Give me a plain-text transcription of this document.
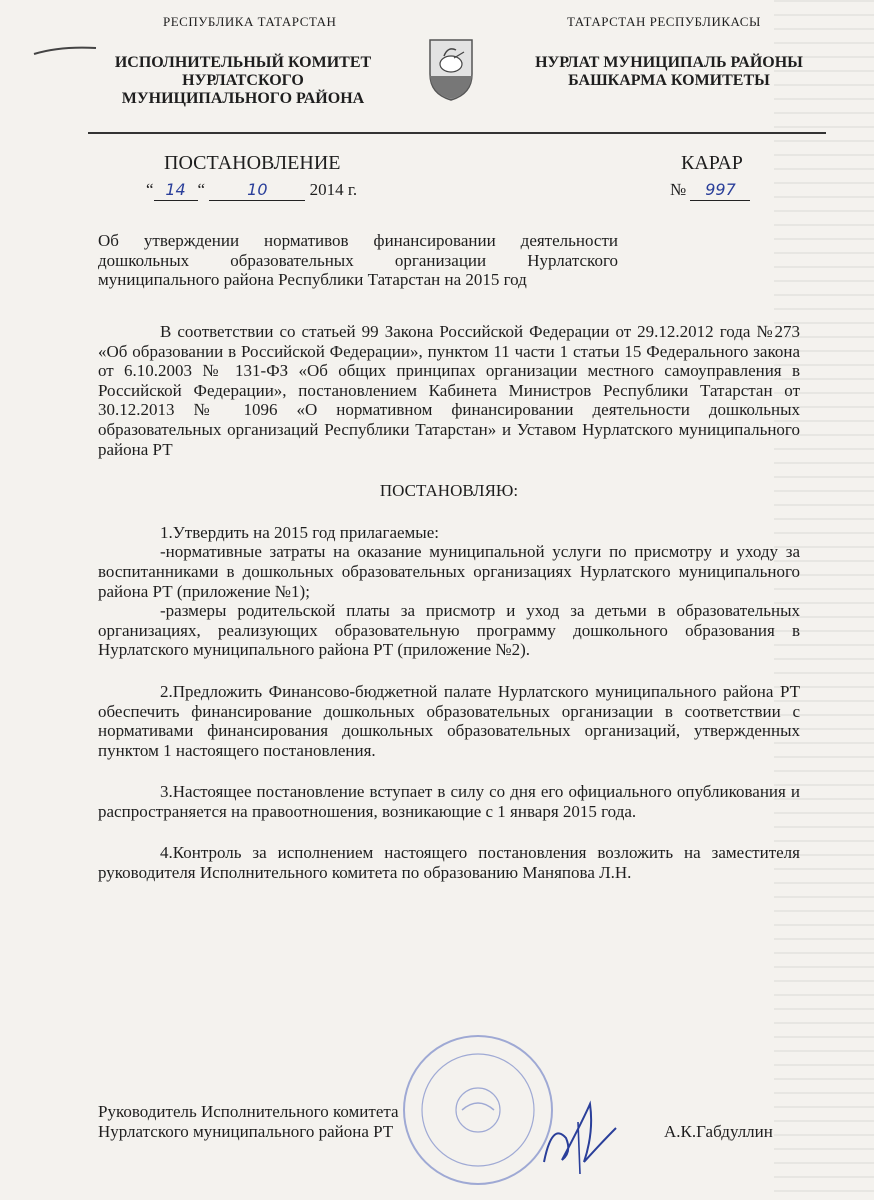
РЕСПУБЛИКА ТАТАРСТАН	ТАТАРСТАН РЕСПУБЛИКАСЫ
ИСПОЛНИТЕЛЬНЫЙ КОМИТЕТ
НУРЛАТСКОГО
МУНИЦИПАЛЬНОГО РАЙОНА
НУРЛАТ МУНИЦИПАЛЬ РАЙОНЫ
БАШКАРМА КОМИТЕТЫ
ПОСТАНОВЛЕНИЕ	КАРАР
“ 14 “	10 2014 г.	№ 997
Об утверждении нормативов финансировании деятельности дошкольных образовательных организации Нурлатского муниципального района Республики Татарстан на 2015 год

В соответствии со статьей 99 Закона Российской Федерации от 29.12.2012 года №273 «Об образовании в Российской Федерации», пунктом 11 части 1 статьи 15 Федерального закона от 6.10.2003 № 131-ФЗ «Об общих принципах организации местного самоуправления в Российской Федерации», постановлением Кабинета Министров Республики Татарстан от 30.12.2013 № 1096 «О нормативном финансировании деятельности дошкольных образовательных организаций Республики Татарстан» и Уставом Нурлатского муниципального района РТ

ПОСТАНОВЛЯЮ:

1.Утвердить на 2015 год прилагаемые:

-нормативные затраты на оказание муниципальной услуги по присмотру и уходу за воспитанниками в дошкольных образовательных организациях Нурлатского муниципального района РТ (приложение №1);

-размеры родительской платы за присмотр и уход за детьми в образовательных организациях, реализующих образовательную программу дошкольного образования в Нурлатского муниципального района РТ (приложение №2).

2.Предложить Финансово-бюджетной палате Нурлатского муниципального района РТ обеспечить финансирование дошкольных образовательных организации в соответствии с нормативами финансирования дошкольных образовательных организаций, утвержденных пунктом 1 настоящего постановления.

3.Настоящее постановление вступает в силу со дня его официального опубликования и распространяется на правоотношения, возникающие с 1 января 2015 года.

4.Контроль за исполнением настоящего постановления возложить на заместителя руководителя Исполнительного комитета по образованию Маняпова Л.Н.

Руководитель Исполнительного комитета
Нурлатского муниципального района РТ	А.К.Габдуллин
